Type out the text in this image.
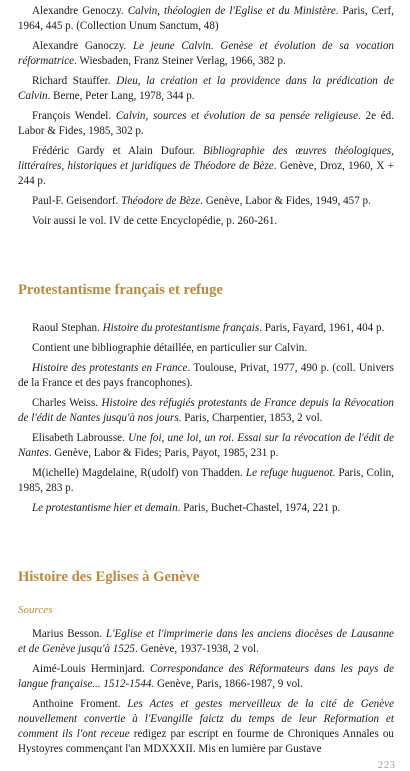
Alexandre Genoczy. Calvin, théologien de l'Eglise et du Ministère. Paris, Cerf, 1964, 445 p. (Collection Unum Sanctum, 48)

Alexandre Ganoczy. Le jeune Calvin. Genèse et évolution de sa vocation réformatrice. Wiesbaden, Franz Steiner Verlag, 1966, 382 p.

Richard Stauffer. Dieu, la création et la providence dans la prédication de Calvin. Berne, Peter Lang, 1978, 344 p.

François Wendel. Calvin, sources et évolution de sa pensée religieuse. 2e éd. Labor & Fides, 1985, 302 p.

Frédéric Gardy et Alain Dufour. Bibliographie des œuvres théologiques, littéraires, historiques et juridiques de Théodore de Bèze. Genève, Droz, 1960, X + 244 p.

Paul-F. Geisendorf. Théodore de Bèze. Genève, Labor & Fides, 1949, 457 p.

Voir aussi le vol. IV de cette Encyclopédie, p. 260-261.

Protestantisme français et refuge

Raoul Stephan. Histoire du protestantisme français. Paris, Fayard, 1961, 404 p.

Contient une bibliographie détaillée, en particulier sur Calvin.

Histoire des protestants en France. Toulouse, Privat, 1977, 490 p. (coll. Univers de la France et des pays francophones).

Charles Weiss. Histoire des réfugiés protestants de France depuis la Révocation de l'édit de Nantes jusqu'à nos jours. Paris, Charpentier, 1853, 2 vol.

Elisabeth Labrousse. Une foi, une loi, un roi. Essai sur la révocation de l'édit de Nantes. Genève, Labor & Fides; Paris, Payot, 1985, 231 p.

M(ichelle) Magdelaine, R(udolf) von Thadden. Le refuge huguenot. Paris, Colin, 1985, 283 p.

Le protestantisme hier et demain. Paris, Buchet-Chastel, 1974, 221 p.

Histoire des Eglises à Genève
Sources

Marius Besson. L'Eglise et l'imprimerie dans les anciens diocèses de Lausanne et de Genève jusqu'à 1525. Genève, 1937-1938, 2 vol.

Aimé-Louis Herminjard. Correspondance des Réformateurs dans les pays de langue française... 1512-1544. Genève, Paris, 1866-1987, 9 vol.

Anthoine Froment. Les Actes et gestes merveilleux de la cité de Genève nouvellement convertie à l'Evangille faictz du temps de leur Reformation et comment ils l'ont receue redigez par escript en fourme de Chroniques Annales ou Hystoyres commençant l'an MDXXXII. Mis en lumière par Gustave

223
